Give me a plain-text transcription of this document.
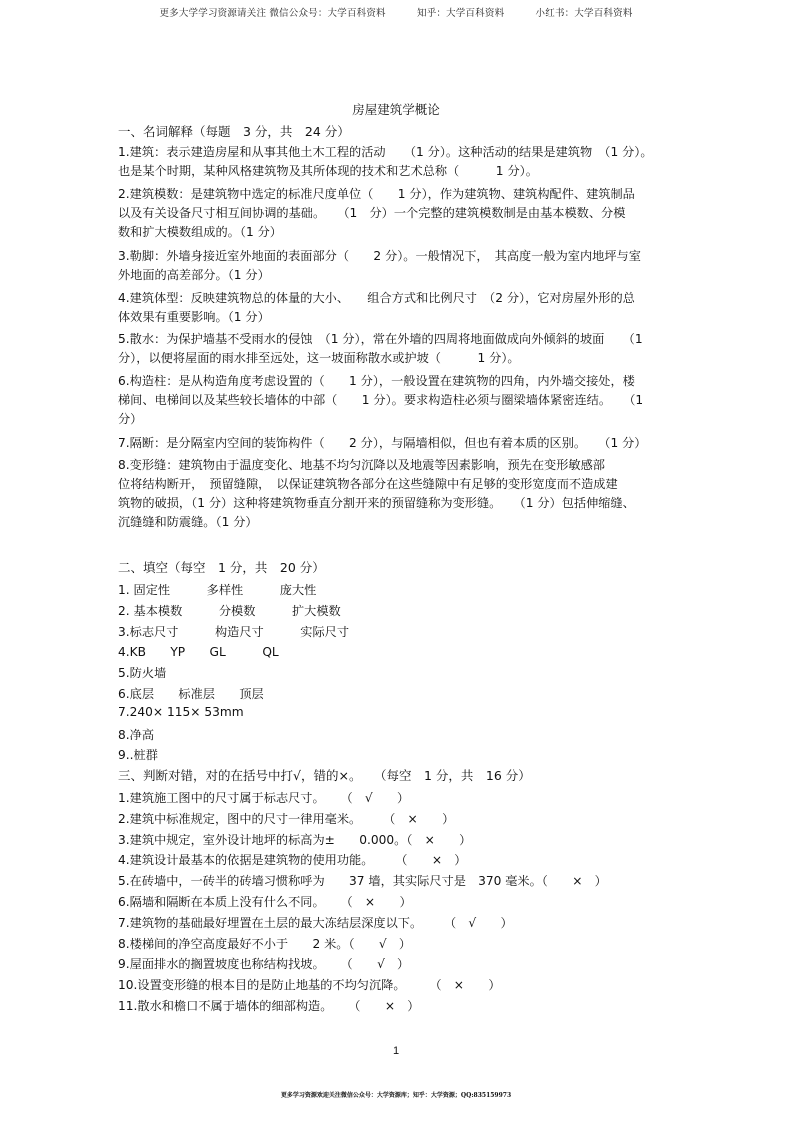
更多大学学习资源请关注 微信公众号：大学百科资料	知乎：大学百科资料	小红书：大学百科资料
房屋建筑学概论
一、名词解释（每题　3 分，共　24 分）
1.建筑：表示建造房屋和从事其他土木工程的活动　　（1 分）。这种活动的结果是建筑物　（1 分）。
也是某个时期，某种风格建筑物及其所体现的技术和艺术总称（　　　1 分）。
2.建筑模数：是建筑物中选定的标准尺度单位（　　1 分），作为建筑物、建筑构配件、建筑制品
以及有关设备尺寸相互间协调的基础。　　（1　分）一个完整的建筑模数制是由基本模数、分模
数和扩大模数组成的。（1 分）
3.勒脚：外墙身接近室外地面的表面部分（　　2 分）。一般情况下，　其高度一般为室内地坪与室
外地面的高差部分。（1 分）
4.建筑体型：反映建筑物总的体量的大小、　　组合方式和比例尺寸　（2 分），它对房屋外形的总
体效果有重要影响。（1 分）
5.散水：为保护墙基不受雨水的侵蚀　（1 分），常在外墙的四周将地面做成向外倾斜的坡面　　（1
分），以便将屋面的雨水排至远处，这一坡面称散水或护坡（　　　1 分）。
6.构造柱：是从构造角度考虑设置的（　　1 分），一般设置在建筑物的四角，内外墙交接处，楼
梯间、电梯间以及某些较长墙体的中部（　　1 分）。要求构造柱必须与圈梁墙体紧密连结。　　（1
分）
7.隔断：是分隔室内空间的装饰构件（　　2 分），与隔墙相似，但也有着本质的区别。　　（1 分）
8.变形缝：建筑物由于温度变化、地基不均匀沉降以及地震等因素影响，预先在变形敏感部
位将结构断开，　预留缝隙，　以保证建筑物各部分在这些缝隙中有足够的变形宽度而不造成建
筑物的破损，（1 分）这种将建筑物垂直分割开来的预留缝称为变形缝。　　（1 分）包括伸缩缝、
沉缝缝和防震缝。（1 分）
二、填空（每空　1 分，共　20 分）
1. 固定性　　　多样性　　　庞大性
2. 基本模数　　　分模数　　　扩大模数
3.标志尺寸　　　构造尺寸　　　实际尺寸
4.KB　　YP　　GL　　　QL
5.防火墙
6.底层　　标准层　　顶层
7.240× 115× 53mm
8.净高
9..桩群
三、判断对错，对的在括号中打√，错的×。　　（每空　1 分，共　16 分）
1.建筑施工图中的尺寸属于标志尺寸。 （　√　　）
2.建筑中标准规定，图中的尺寸一律用毫米。 （　×　　）
3.建筑中规定，室外设计地坪的标高为±　　0.000。（　×　　）
4.建筑设计最基本的依据是建筑物的使用功能。 （　　×　）
5.在砖墙中，一砖半的砖墙习惯称呼为　　37 墙，其实际尺寸是　370 毫米。（　　×　）
6.隔墙和隔断在本质上没有什么不同。 （　×　　）
7.建筑物的基础最好埋置在土层的最大冻结层深度以下。 （　√　　）
8.楼梯间的净空高度最好不小于　　2 米。（　　√　）
9.屋面排水的搁置坡度也称结构找坡。 （　　√　）
10.设置变形缝的根本目的是防止地基的不均匀沉降。 （　×　　）
11.散水和檐口不属于墙体的细部构造。 （　　×　）
1
更多学习资源欢迎关注微信公众号：大学资源库；知乎：大学资源；QQ:835159973
